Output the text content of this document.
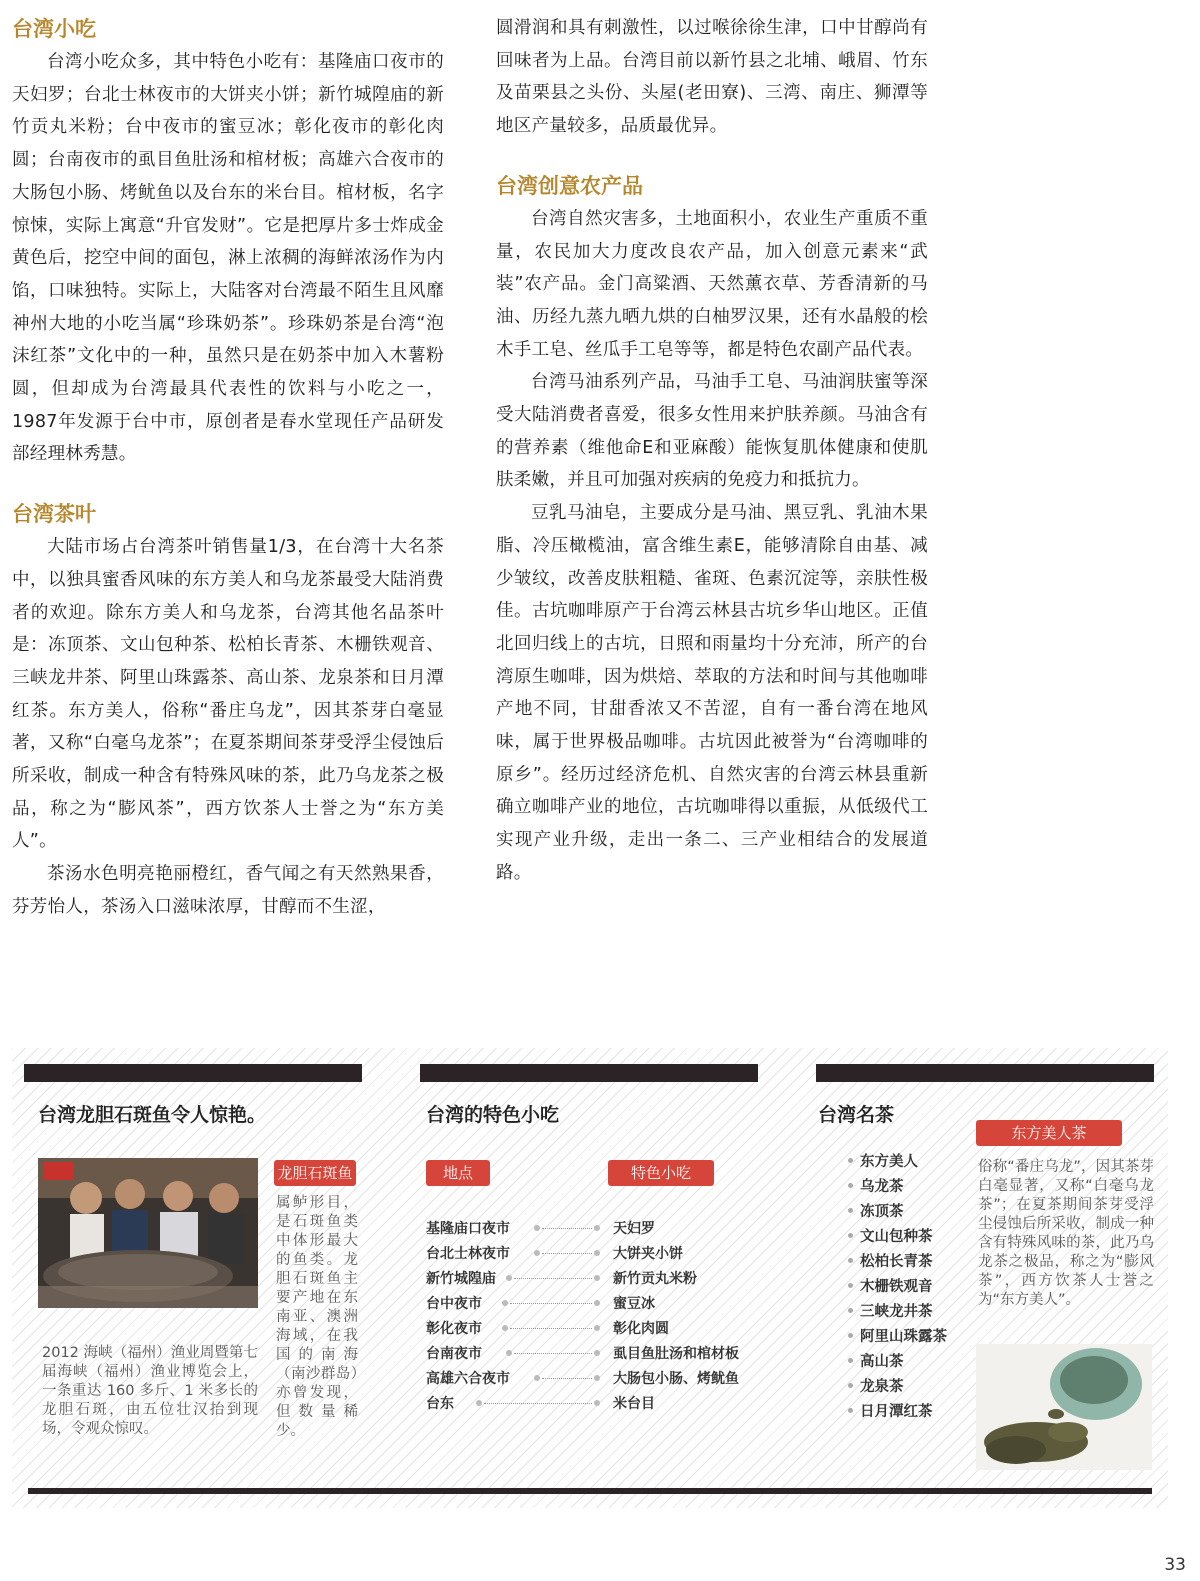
台湾小吃

台湾小吃众多，其中特色小吃有：基隆庙口夜市的天妇罗；台北士林夜市的大饼夹小饼；新竹城隍庙的新竹贡丸米粉；台中夜市的蜜豆冰；彰化夜市的彰化肉圆；台南夜市的虱目鱼肚汤和棺材板；高雄六合夜市的大肠包小肠、烤鱿鱼以及台东的米台目。棺材板，名字惊悚，实际上寓意“升官发财”。它是把厚片多士炸成金黄色后，挖空中间的面包，淋上浓稠的海鲜浓汤作为内馅，口味独特。实际上，大陆客对台湾最不陌生且风靡神州大地的小吃当属“珍珠奶茶”。珍珠奶茶是台湾“泡沫红茶”文化中的一种，虽然只是在奶茶中加入木薯粉圆，但却成为台湾最具代表性的饮料与小吃之一，1987年发源于台中市，原创者是春水堂现任产品研发部经理林秀慧。

台湾茶叶

大陆市场占台湾茶叶销售量1/3，在台湾十大名茶中，以独具蜜香风味的东方美人和乌龙茶最受大陆消费者的欢迎。除东方美人和乌龙茶，台湾其他名品茶叶是：冻顶茶、文山包种茶、松柏长青茶、木栅铁观音、三峡龙井茶、阿里山珠露茶、高山茶、龙泉茶和日月潭红茶。东方美人，俗称“番庄乌龙”，因其茶芽白毫显著，又称“白毫乌龙茶”；在夏茶期间茶芽受浮尘侵蚀后所采收，制成一种含有特殊风味的茶，此乃乌龙茶之极品，称之为“膨风茶”，西方饮茶人士誉之为“东方美人”。

茶汤水色明亮艳丽橙红，香气闻之有天然熟果香，芬芳怡人，茶汤入口滋味浓厚，甘醇而不生涩，

圆滑润和具有刺激性，以过喉徐徐生津，口中甘醇尚有回味者为上品。台湾目前以新竹县之北埔、峨眉、竹东及苗栗县之头份、头屋(老田寮)、三湾、南庄、狮潭等地区产量较多，品质最优异。

台湾创意农产品

台湾自然灾害多，土地面积小，农业生产重质不重量，农民加大力度改良农产品，加入创意元素来“武装”农产品。金门高粱酒、天然薰衣草、芳香清新的马油、历经九蒸九晒九烘的白柚罗汉果，还有水晶般的桧木手工皂、丝瓜手工皂等等，都是特色农副产品代表。

台湾马油系列产品，马油手工皂、马油润肤蜜等深受大陆消费者喜爱，很多女性用来护肤养颜。马油含有的营养素（维他命E和亚麻酸）能恢复肌体健康和使肌肤柔嫩，并且可加强对疾病的免疫力和抵抗力。

豆乳马油皂，主要成分是马油、黑豆乳、乳油木果脂、冷压橄榄油，富含维生素E，能够清除自由基、减少皱纹，改善皮肤粗糙、雀斑、色素沉淀等，亲肤性极佳。古坑咖啡原产于台湾云林县古坑乡华山地区。正值北回归线上的古坑，日照和雨量均十分充沛，所产的台湾原生咖啡，因为烘焙、萃取的方法和时间与其他咖啡产地不同，甘甜香浓又不苦涩，自有一番台湾在地风味，属于世界极品咖啡。古坑因此被誉为“台湾咖啡的原乡”。经历过经济危机、自然灾害的台湾云林县重新确立咖啡产业的地位，古坑咖啡得以重振，从低级代工实现产业升级，走出一条二、三产业相结合的发展道路。

台湾龙胆石斑鱼令人惊艳。
龙胆石斑鱼
属鲈形目，是石斑鱼类中体形最大的鱼类。龙胆石斑鱼主要产地在东南亚、澳洲海域，在我国的南海（南沙群岛）亦曾发现，但数量稀少。
2012 海峡（福州）渔业周暨第七届海峡（福州）渔业博览会上，一条重达 160 多斤、1 米多长的龙胆石斑，由五位壮汉抬到现场，令观众惊叹。
台湾的特色小吃
地点	特色小吃
基隆庙口夜市	天妇罗
台北士林夜市	大饼夹小饼
新竹城隍庙	新竹贡丸米粉
台中夜市	蜜豆冰
彰化夜市	彰化肉圆
台南夜市	虱目鱼肚汤和棺材板
高雄六合夜市	大肠包小肠、烤鱿鱼
台东	米台目
台湾名茶
东方美人
乌龙茶
冻顶茶
文山包种茶
松柏长青茶
木栅铁观音
三峡龙井茶
阿里山珠露茶
高山茶
龙泉茶
日月潭红茶
东方美人茶
俗称“番庄乌龙”，因其茶芽白毫显著，又称“白毫乌龙茶”；在夏茶期间茶芽受浮尘侵蚀后所采收，制成一种含有特殊风味的茶，此乃乌龙茶之极品，称之为“膨风茶”，西方饮茶人士誉之为“东方美人”。
33
